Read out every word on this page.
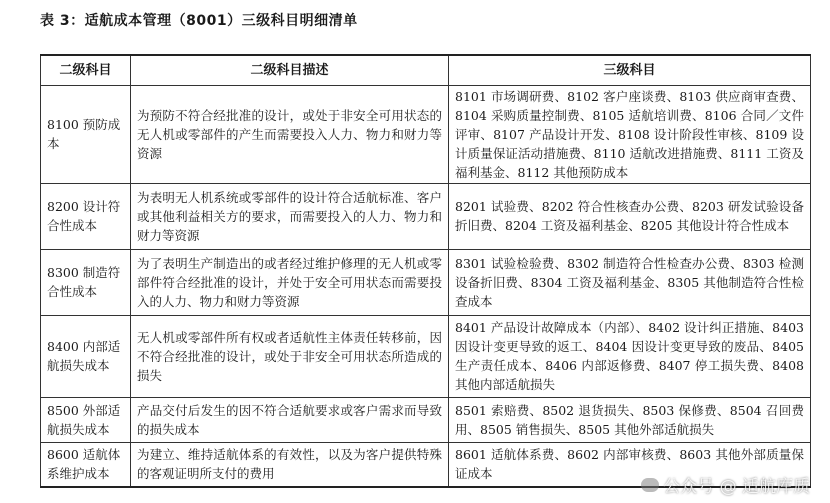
表 3：适航成本管理（8001）三级科目明细清单
二级科目	二级科目描述	三级科目
8100 预防成本	为预防不符合经批准的设计，或处于非安全可用状态的无人机或零部件的产生而需要投入人力、物力和财力等资源	8101 市场调研费、8102 客户座谈费、8103 供应商审查费、8104 采购质量控制费、8105 适航培训费、8106 合同／文件评审、8107 产品设计开发、8108 设计阶段性审核、8109 设计质量保证活动措施费、8110 适航改进措施费、8111 工资及福利基金、8112 其他预防成本
8200 设计符合性成本	为表明无人机系统或零部件的设计符合适航标准、客户或其他利益相关方的要求，而需要投入的人力、物力和财力等资源	8201 试验费、8202 符合性核查办公费、8203 研发试验设备折旧费、8204 工资及福利基金、8205 其他设计符合性成本
8300 制造符合性成本	为了表明生产制造出的或者经过维护修理的无人机或零部件符合经批准的设计，并处于安全可用状态而需要投入的人力、物力和财力等资源	8301 试验检验费、8302 制造符合性检查办公费、8303 检测设备折旧费、8304 工资及福利基金、8305 其他制造符合性检查成本
8400 内部适航损失成本	无人机或零部件所有权或者适航性主体责任转移前，因不符合经批准的设计，或处于非安全可用状态所造成的损失	8401 产品设计故障成本（内部）、8402 设计纠正措施、8403 因设计变更导致的返工、8404 因设计变更导致的废品、8405 生产责任成本、8406 内部返修费、8407 停工损失费、8408 其他内部适航损失
8500 外部适航损失成本	产品交付后发生的因不符合适航要求或客户需求而导致的损失成本	8501 索赔费、8502 退货损失、8503 保修费、8504 召回费用、8505 销售损失、8505 其他外部适航损失
8600 适航体系维护成本	为建立、维持适航体系的有效性，以及为客户提供特殊的客观证明所支付的费用	8601 适航体系费、8602 内部审核费、8603 其他外部质量保证成本
公众号 @ 适航库质
